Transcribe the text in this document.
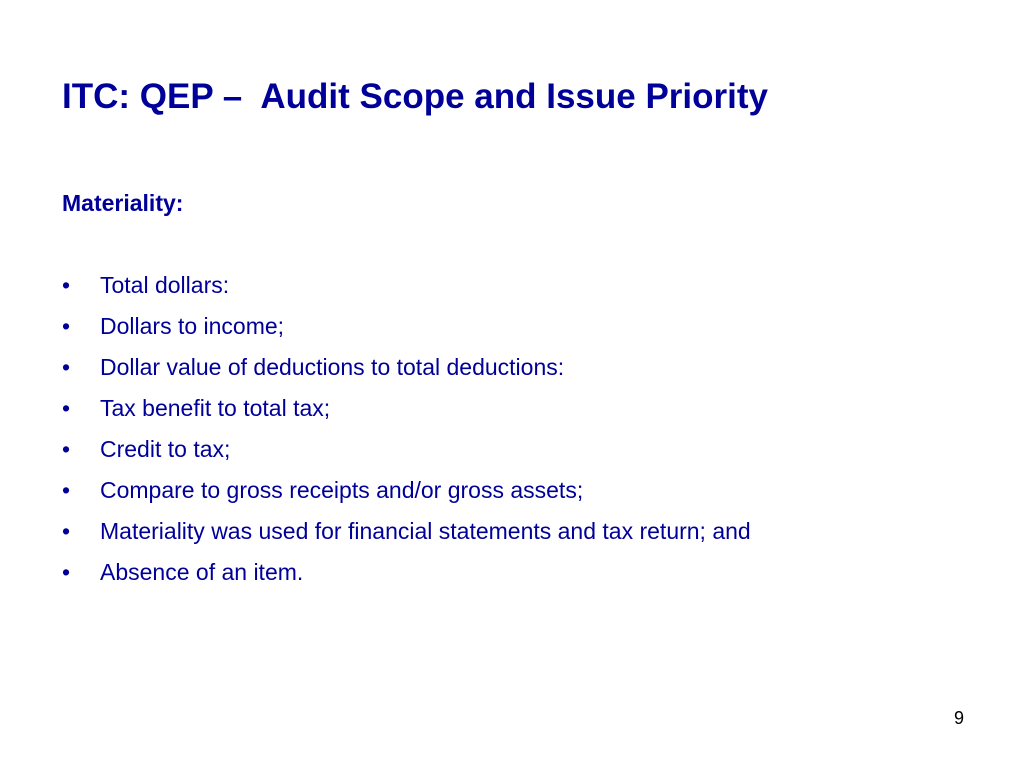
ITC: QEP –  Audit Scope and Issue Priority
Materiality:
•	Total dollars:
•	Dollars to income;
•	Dollar value of deductions to total deductions:
•	Tax benefit to total tax;
•	Credit to tax;
•	Compare to gross receipts and/or gross assets;
•	Materiality was used for financial statements and tax return; and
•	Absence of an item.
9
